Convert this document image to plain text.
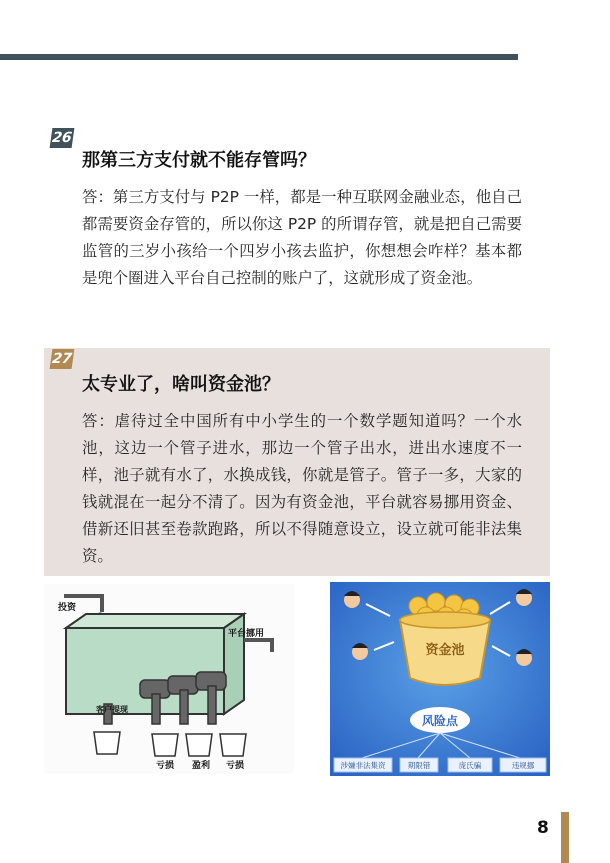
26
那第三方支付就不能存管吗？
答：第三方支付与 P2P 一样，都是一种互联网金融业态，他自己都需要资金存管的，所以你这 P2P 的所谓存管，就是把自己需要监管的三岁小孩给一个四岁小孩去监护，你想想会咋样？基本都是兜个圈进入平台自己控制的账户了，这就形成了资金池。
27
太专业了，啥叫资金池？
答：虐待过全中国所有中小学生的一个数学题知道吗？一个水池，这边一个管子进水，那边一个管子出水，进出水速度不一样，池子就有水了，水换成钱，你就是管子。管子一多，大家的钱就混在一起分不清了。因为有资金池，平台就容易挪用资金、借新还旧甚至卷款跑路，所以不得随意设立，设立就可能非法集资。
投资
平台挪用
客户提现
亏损 盈利 亏损
资金池
风险点
涉嫌非法集资	期限错	庞氏骗	违规挪
8
